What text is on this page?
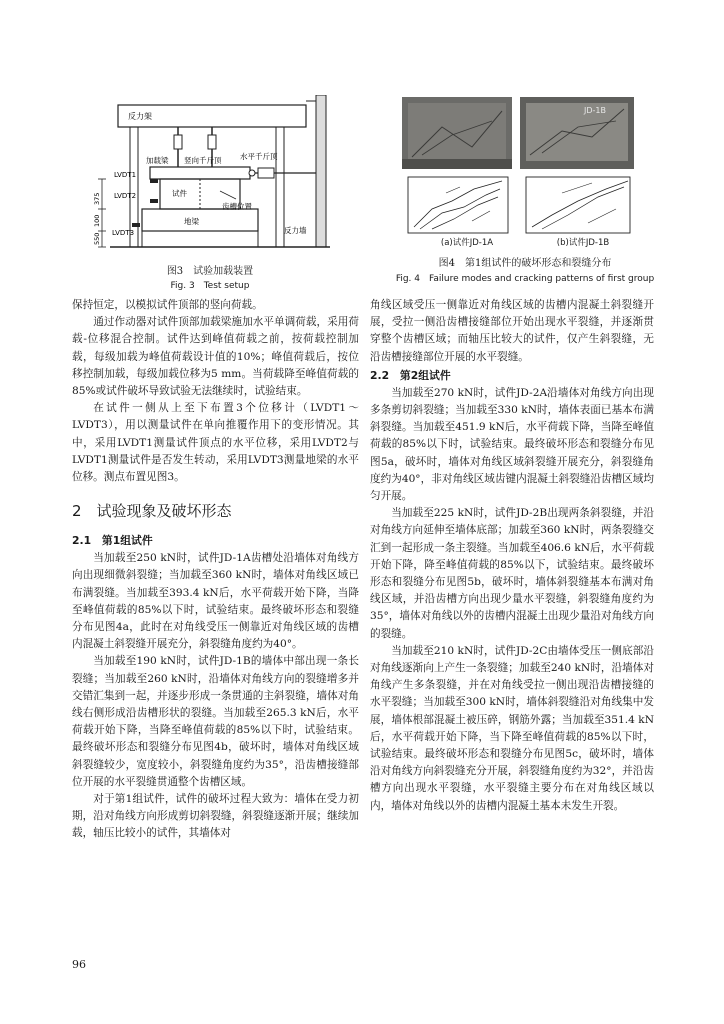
反力架
加载梁 竖向千斤顶 水平千斤顶
LVDT1
LVDT2	试件
齿槽位置
地梁
反力墙
LVDT3
550
100
375
图3　试验加载装置
Fig. 3　Test setup
JD-1B
(a)试件JD-1A	(b)试件JD-1B
图4　第1组试件的破坏形态和裂缝分布
Fig. 4　Failure modes and cracking patterns of first group

保持恒定，以模拟试件顶部的竖向荷载。

通过作动器对试件顶部加载梁施加水平单调荷载，采用荷载-位移混合控制。试件达到峰值荷载之前，按荷载控制加载，每级加载为峰值荷载设计值的10%；峰值荷载后，按位移控制加载，每级加载位移为5 mm。当荷载降至峰值荷载的85%或试件破坏导致试验无法继续时，试验结束。

在试件一侧从上至下布置3个位移计（LVDT1～LVDT3），用以测量试件在单向推覆作用下的变形情况。其中，采用LVDT1测量试件顶点的水平位移，采用LVDT2与LVDT1测量试件是否发生转动，采用LVDT3测量地梁的水平位移。测点布置见图3。

2　试验现象及破坏形态
2.1　第1组试件

当加载至250 kN时，试件JD-1A齿槽处沿墙体对角线方向出现细微斜裂缝；当加载至360 kN时，墙体对角线区域已布满裂缝。当加载至393.4 kN后，水平荷载开始下降，当降至峰值荷载的85%以下时，试验结束。最终破坏形态和裂缝分布见图4a，此时在对角线受压一侧靠近对角线区域的齿槽内混凝土斜裂缝开展充分，斜裂缝角度约为40°。

当加载至190 kN时，试件JD-1B的墙体中部出现一条长裂缝；当加载至260 kN时，沿墙体对角线方向的裂缝增多并交错汇集到一起，并逐步形成一条贯通的主斜裂缝，墙体对角线右侧形成沿齿槽形状的裂缝。当加载至265.3 kN后，水平荷载开始下降，当降至峰值荷载的85%以下时，试验结束。最终破坏形态和裂缝分布见图4b，破坏时，墙体对角线区域斜裂缝较少，宽度较小，斜裂缝角度约为35°，沿齿槽接缝部位开展的水平裂缝贯通整个齿槽区域。

对于第1组试件，试件的破坏过程大致为：墙体在受力初期，沿对角线方向形成剪切斜裂缝，斜裂缝逐渐开展；继续加载，轴压比较小的试件，其墙体对

角线区域受压一侧靠近对角线区域的齿槽内混凝土斜裂缝开展，受拉一侧沿齿槽接缝部位开始出现水平裂缝，并逐渐贯穿整个齿槽区域；而轴压比较大的试件，仅产生斜裂缝，无沿齿槽接缝部位开展的水平裂缝。

2.2　第2组试件

当加载至270 kN时，试件JD-2A沿墙体对角线方向出现多条剪切斜裂缝；当加载至330 kN时，墙体表面已基本布满斜裂缝。当加载至451.9 kN后，水平荷载下降，当降至峰值荷载的85%以下时，试验结束。最终破坏形态和裂缝分布见图5a，破坏时，墙体对角线区域斜裂缝开展充分，斜裂缝角度约为40°，非对角线区域齿键内混凝土斜裂缝沿齿槽区域均匀开展。

当加载至225 kN时，试件JD-2B出现两条斜裂缝，并沿对角线方向延伸至墙体底部；加载至360 kN时，两条裂缝交汇到一起形成一条主裂缝。当加载至406.6 kN后，水平荷载开始下降，降至峰值荷载的85%以下，试验结束。最终破坏形态和裂缝分布见图5b，破坏时，墙体斜裂缝基本布满对角线区域，并沿齿槽方向出现少量水平裂缝，斜裂缝角度约为35°，墙体对角线以外的齿槽内混凝土出现少量沿对角线方向的裂缝。

当加载至210 kN时，试件JD-2C由墙体受压一侧底部沿对角线逐渐向上产生一条裂缝；加载至240 kN时，沿墙体对角线产生多条裂缝，并在对角线受拉一侧出现沿齿槽接缝的水平裂缝；当加载至300 kN时，墙体斜裂缝沿对角线集中发展，墙体根部混凝土被压碎，钢筋外露；当加载至351.4 kN后，水平荷载开始下降，当下降至峰值荷载的85%以下时，试验结束。最终破坏形态和裂缝分布见图5c，破坏时，墙体沿对角线方向斜裂缝充分开展，斜裂缝角度约为32°，并沿齿槽方向出现水平裂缝，水平裂缝主要分布在对角线区域以内，墙体对角线以外的齿槽内混凝土基本未发生开裂。

96
